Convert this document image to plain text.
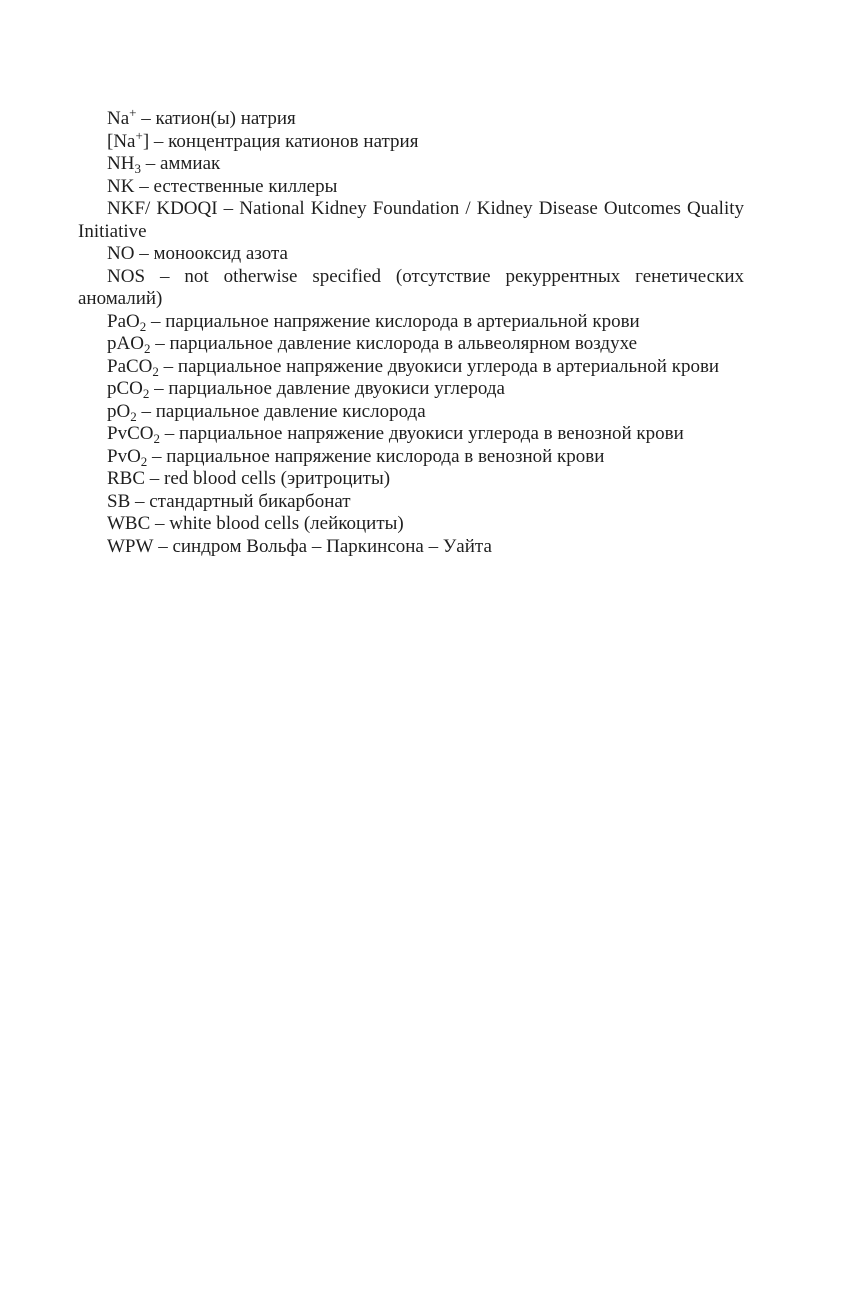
Na+ – катион(ы) натрия

[Na+] – концентрация катионов натрия

$NH_3$ – аммиак

NK – естественные киллеры

NKF/ KDOQI – National Kidney Foundation / Kidney Disease Outcomes Quality Initiative

NO – монооксид азота

NOS – not otherwise specified (отсутствие рекуррентных генетических аномалий)

PaO$_2$ – парциальное напряжение кислорода в артериальной крови

pAO$_2$ – парциальное давление кислорода в альвеолярном воздухе

PaCO$_2$ – парциальное напряжение двуокиси углерода в артериальной крови

pCO$_2$ – парциальное давление двуокиси углерода

$pO_2$ – парциальное давление кислорода

PvCO$_2$ – парциальное напряжение двуокиси углерода в венозной крови

PvO$_2$ – парциальное напряжение кислорода в венозной крови

RBC – red blood cells (эритроциты)

SB – стандартный бикарбонат

WBC – white blood cells (лейкоциты)

WPW – синдром Вольфа – Паркинсона – Уайта
